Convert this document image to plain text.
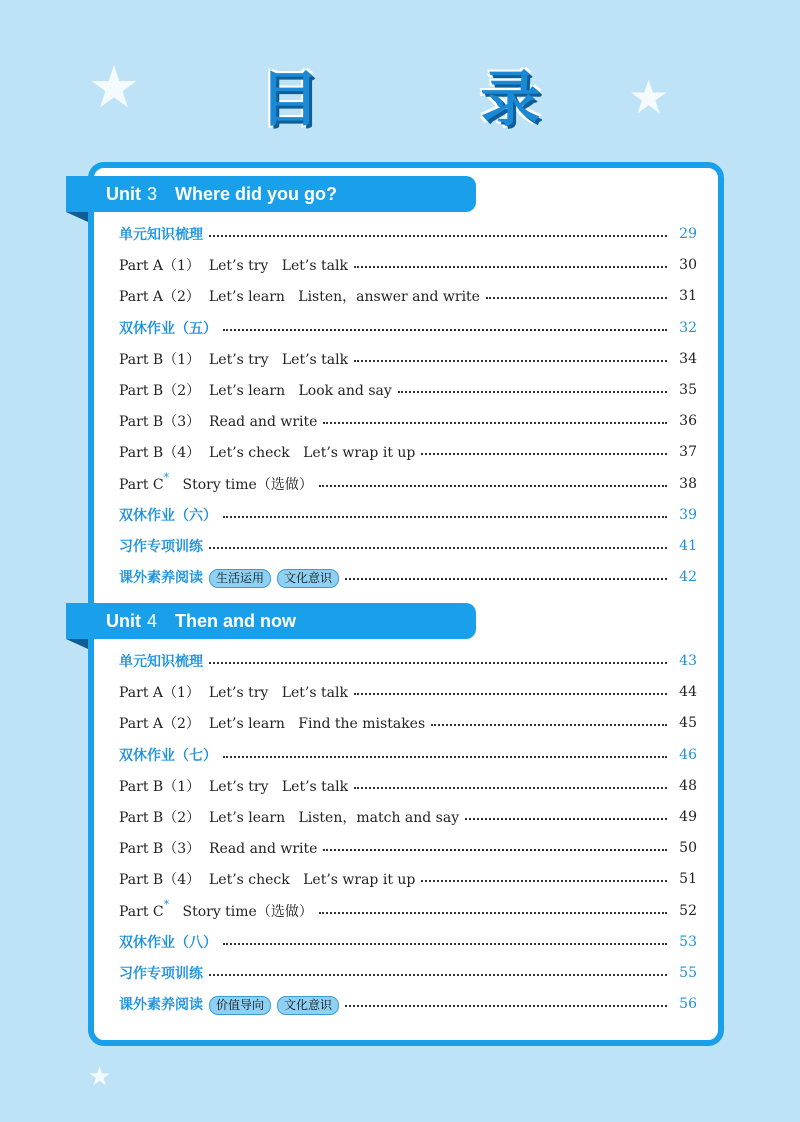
★	★
★
目 录
Unit 3 Where did you go?
单元知识梳理	29
Part A（1）  Let’s try   Let’s talk	30
Part A（2）  Let’s learn   Listen，answer and write	31
双休作业（五）	32
Part B（1）  Let’s try   Let’s talk	34
Part B（2）  Let’s learn   Look and say	35
Part B（3）  Read and write	36
Part B（4）  Let’s check   Let’s wrap it up	37
Part C* Story time（选做）	38
双休作业（六）	39
习作专项训练	41
课外素养阅读 生活运用 文化意识	42
Unit 4 Then and now
单元知识梳理	43
Part A（1）  Let’s try   Let’s talk	44
Part A（2）  Let’s learn   Find the mistakes	45
双休作业（七）	46
Part B（1）  Let’s try   Let’s talk	48
Part B（2）  Let’s learn   Listen，match and say	49
Part B（3）  Read and write	50
Part B（4）  Let’s check   Let’s wrap it up	51
Part C* Story time（选做）	52
双休作业（八）	53
习作专项训练	55
课外素养阅读 价值导向 文化意识	56
